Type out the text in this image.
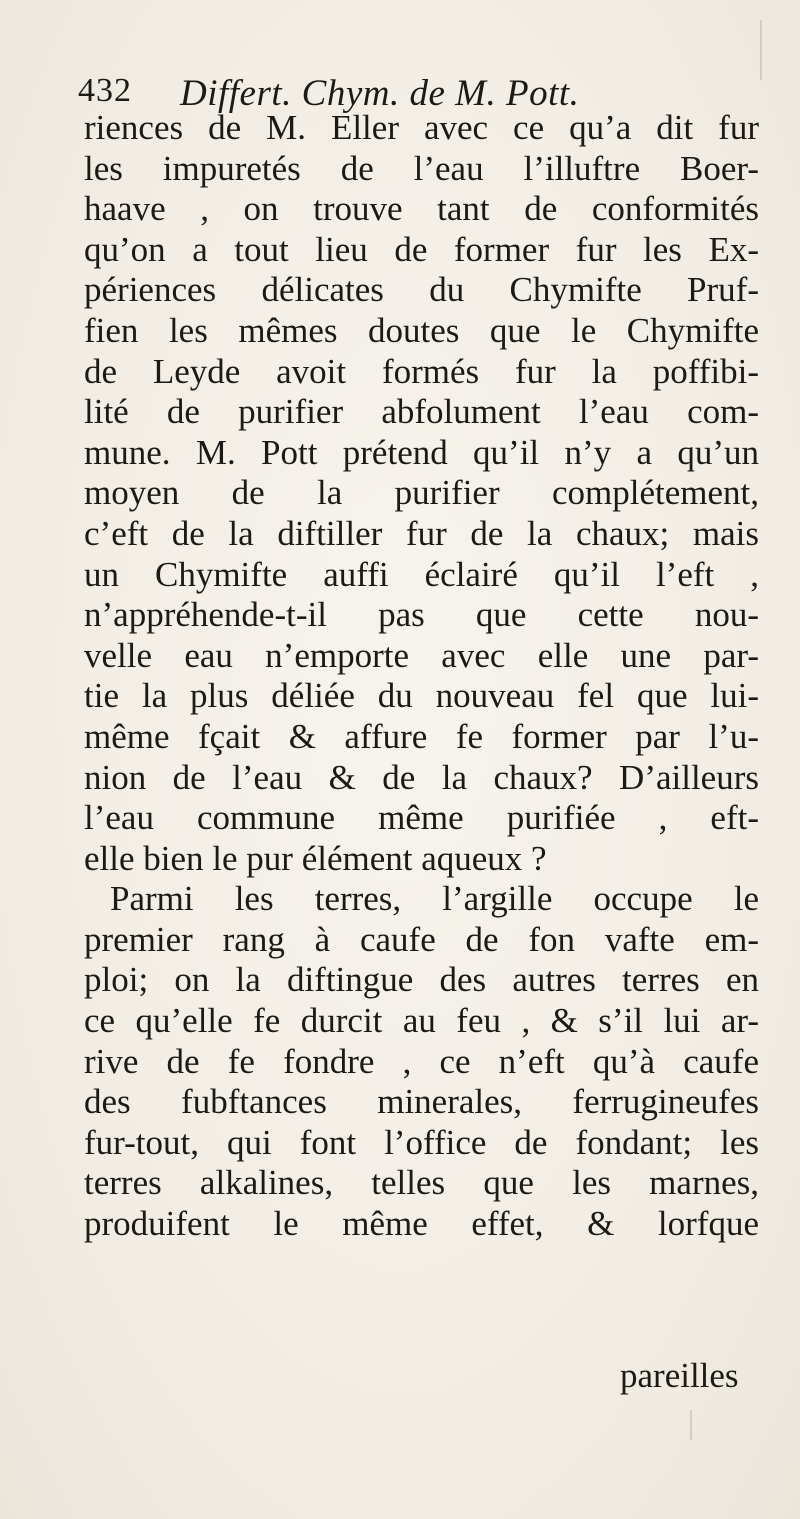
432 Differt. Chym. de M. Pott.
riences de M. Eller avec ce qu’a dit fur
les impuretés de l’eau l’illuftre Boer-
haave , on trouve tant de conformités
qu’on a tout lieu de former fur les Ex-
périences délicates du Chymifte Pruf-
fien les mêmes doutes que le Chymifte
de Leyde avoit formés fur la poffibi-
lité de purifier abfolument l’eau com-
mune. M. Pott prétend qu’il n’y a qu’un
moyen de la purifier complétement,
c’eft de la diftiller fur de la chaux; mais
un Chymifte auffi éclairé qu’il l’eft ,
n’appréhende-t-il pas que cette nou-
velle eau n’emporte avec elle une par-
tie la plus déliée du nouveau fel que lui-
même fçait & affure fe former par l’u-
nion de l’eau & de la chaux? D’ailleurs
l’eau commune même purifiée , eft-
elle bien le pur élément aqueux ?
Parmi les terres, l’argille occupe le
premier rang à caufe de fon vafte em-
ploi; on la diftingue des autres terres en
ce qu’elle fe durcit au feu , & s’il lui ar-
rive de fe fondre , ce n’eft qu’à caufe
des fubftances minerales, ferrugineufes
fur-tout, qui font l’office de fondant; les
terres alkalines, telles que les marnes,
produifent le même effet, & lorfque
pareilles
